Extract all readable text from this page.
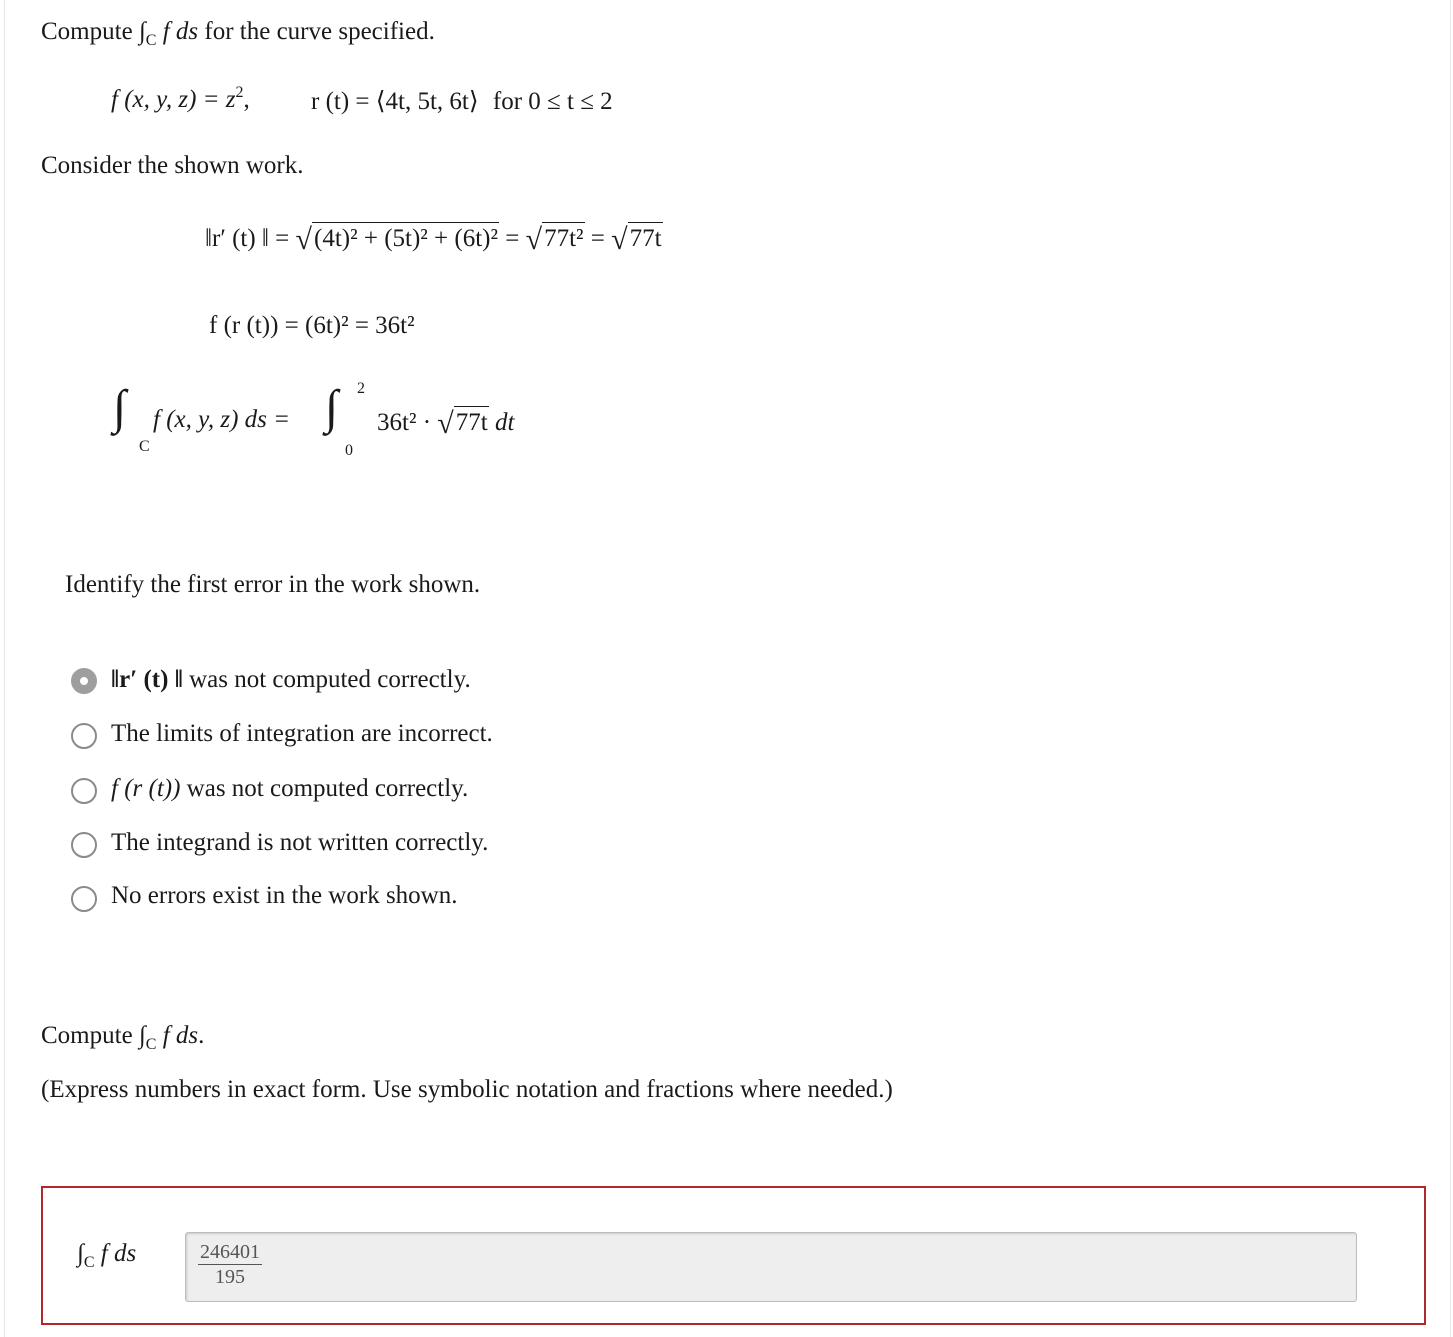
Compute $\int_C$ f ds for the curve specified.
f (x, y, $z) = z^2$, r (t) = ⟨4t, 5t, 6t⟩ for 0 ≤ t ≤ 2
Consider the shown work.
‖r′ (t) ‖ = √(4t)² + (5t)² + (6t)² = √77t² = √77t
f (r (t)) = (6t)² = 36t²
∫
C
f (x, y, z) ds = ∫ 2
0
36t² · √77t dt
Identify the first error in the work shown.
‖r′ (t) ‖ was not computed correctly.
The limits of integration are incorrect.
f (r (t)) was not computed correctly.
The integrand is not written correctly.
No errors exist in the work shown.
Compute $\int_C$ f ds.
(Express numbers in exact form. Use symbolic notation and fractions where needed.)
$\int_C$ f ds	$\frac{246401}{195}$
